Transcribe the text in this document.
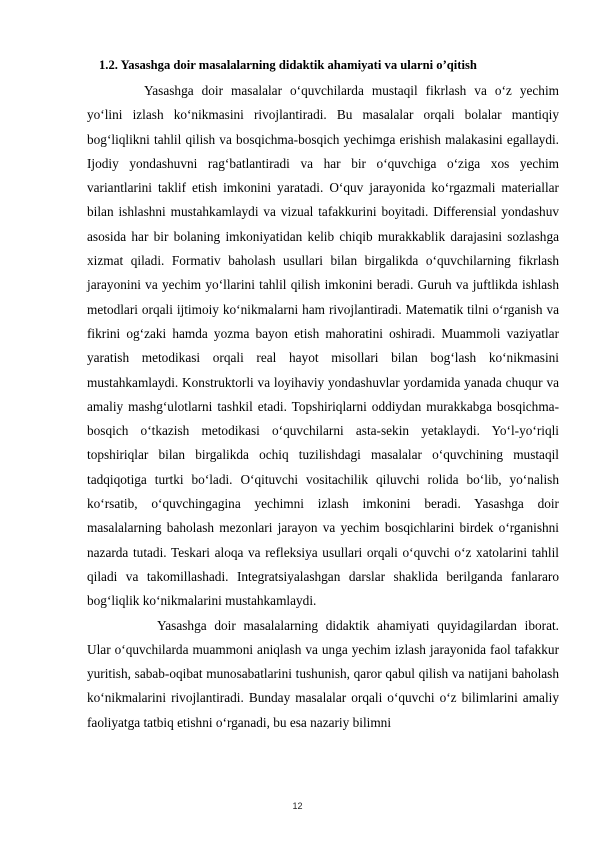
1.2. Yasashga doir masalalarning didaktik ahamiyati va ularni o’qitish

Yasashga doir masalalar o‘quvchilarda mustaqil fikrlash va o‘z yechim yo‘lini izlash ko‘nikmasini rivojlantiradi. Bu masalalar orqali bolalar mantiqiy bog‘liqlikni tahlil qilish va bosqichma-bosqich yechimga erishish malakasini egallaydi. Ijodiy yondashuvni rag‘batlantiradi va har bir o‘quvchiga o‘ziga xos yechim variantlarini taklif etish imkonini yaratadi. O‘quv jarayonida ko‘rgazmali materiallar bilan ishlashni mustahkamlaydi va vizual tafakkurini boyitadi. Differensial yondashuv asosida har bir bolaning imkoniyatidan kelib chiqib murakkablik darajasini sozlashga xizmat qiladi. Formativ baholash usullari bilan birgalikda o‘quvchilarning fikrlash jarayonini va yechim yo‘llarini tahlil qilish imkonini beradi. Guruh va juftlikda ishlash metodlari orqali ijtimoiy ko‘nikmalarni ham rivojlantiradi. Matematik tilni o‘rganish va fikrini og‘zaki hamda yozma bayon etish mahoratini oshiradi. Muammoli vaziyatlar yaratish metodikasi orqali real hayot misollari bilan bog‘lash ko‘nikmasini mustahkamlaydi. Konstruktorli va loyihaviy yondashuvlar yordamida yanada chuqur va amaliy mashg‘ulotlarni tashkil etadi. Topshiriqlarni oddiydan murakkabga bosqichma-bosqich o‘tkazish metodikasi o‘quvchilarni asta-sekin yetaklaydi. Yo‘l-yo‘riqli topshiriqlar bilan birgalikda ochiq tuzilishdagi masalalar o‘quvchining mustaqil tadqiqotiga turtki bo‘ladi. O‘qituvchi vositachilik qiluvchi rolida bo‘lib, yo‘nalish ko‘rsatib, o‘quvchingagina yechimni izlash imkonini beradi. Yasashga doir masalalarning baholash mezonlari jarayon va yechim bosqichlarini birdek o‘rganishni nazarda tutadi. Teskari aloqa va refleksiya usullari orqali o‘quvchi o‘z xatolarini tahlil qiladi va takomillashadi. Integratsiyalashgan darslar shaklida berilganda fanlararo bog‘liqlik ko‘nikmalarini mustahkamlaydi.

Yasashga doir masalalarning didaktik ahamiyati quyidagilardan iborat. Ular o‘quvchilarda muammoni aniqlash va unga yechim izlash jarayonida faol tafakkur yuritish, sabab-oqibat munosabatlarini tushunish, qaror qabul qilish va natijani baholash ko‘nikmalarini rivojlantiradi. Bunday masalalar orqali o‘quvchi o‘z bilimlarini amaliy faoliyatga tatbiq etishni o‘rganadi, bu esa nazariy bilimni

12
